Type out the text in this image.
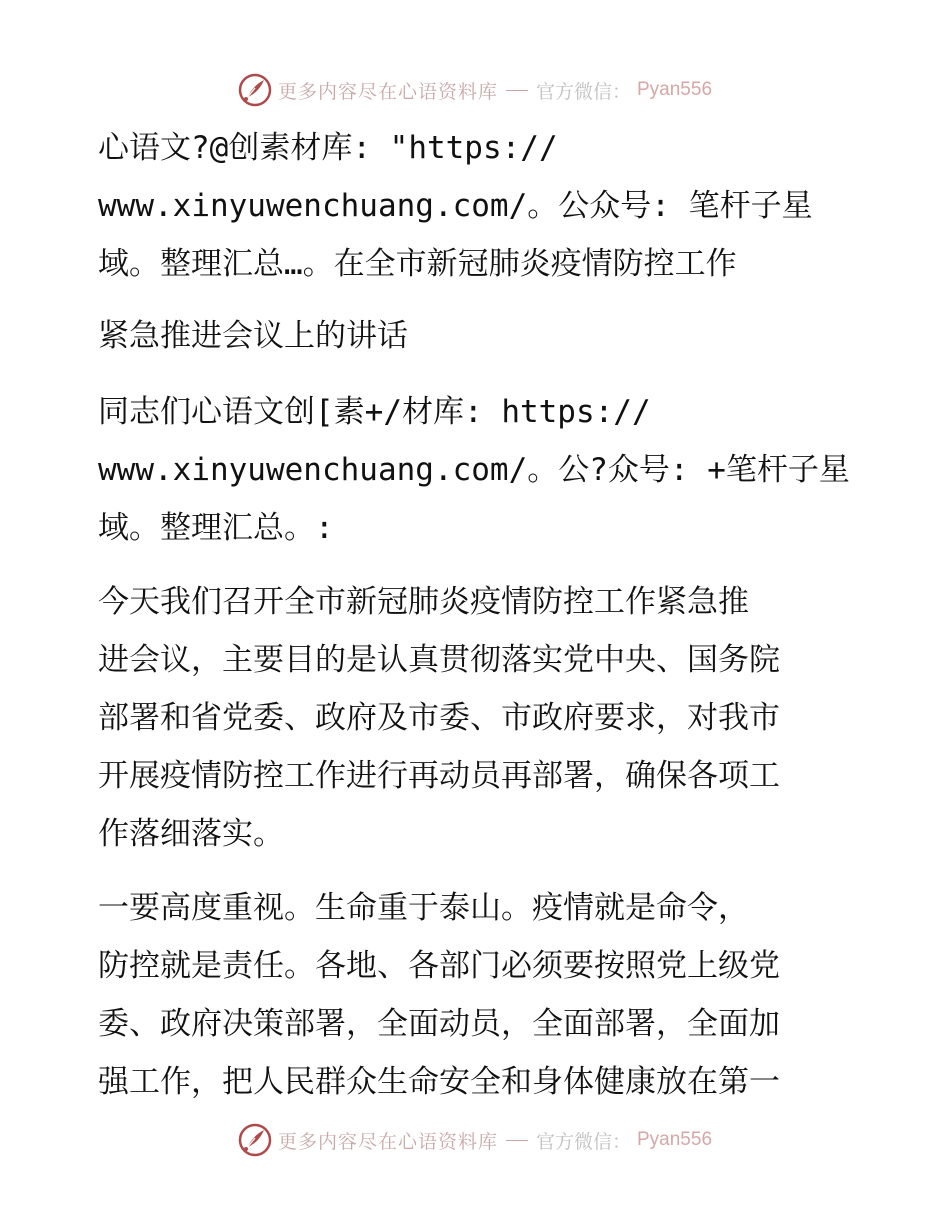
更多内容尽在心语资料库 官方微信： Pyan556
心语文?@创素材库: "https://
www.xinyuwenchuang.com/。公众号: 笔杆子星
域。整理汇总…。在全市新冠肺炎疫情防控工作
紧急推进会议上的讲话
同志们心语文创[素+/材库: https://
www.xinyuwenchuang.com/。公?众号: +笔杆子星
域。整理汇总。:
今天我们召开全市新冠肺炎疫情防控工作紧急推
进会议，主要目的是认真贯彻落实党中央、国务院
部署和省党委、政府及市委、市政府要求，对我市
开展疫情防控工作进行再动员再部署，确保各项工
作落细落实。
一要高度重视。生命重于泰山。疫情就是命令，
防控就是责任。各地、各部门必须要按照党上级党
委、政府决策部署，全面动员，全面部署，全面加
强工作，把人民群众生命安全和身体健康放在第一
更多内容尽在心语资料库 官方微信： Pyan556
